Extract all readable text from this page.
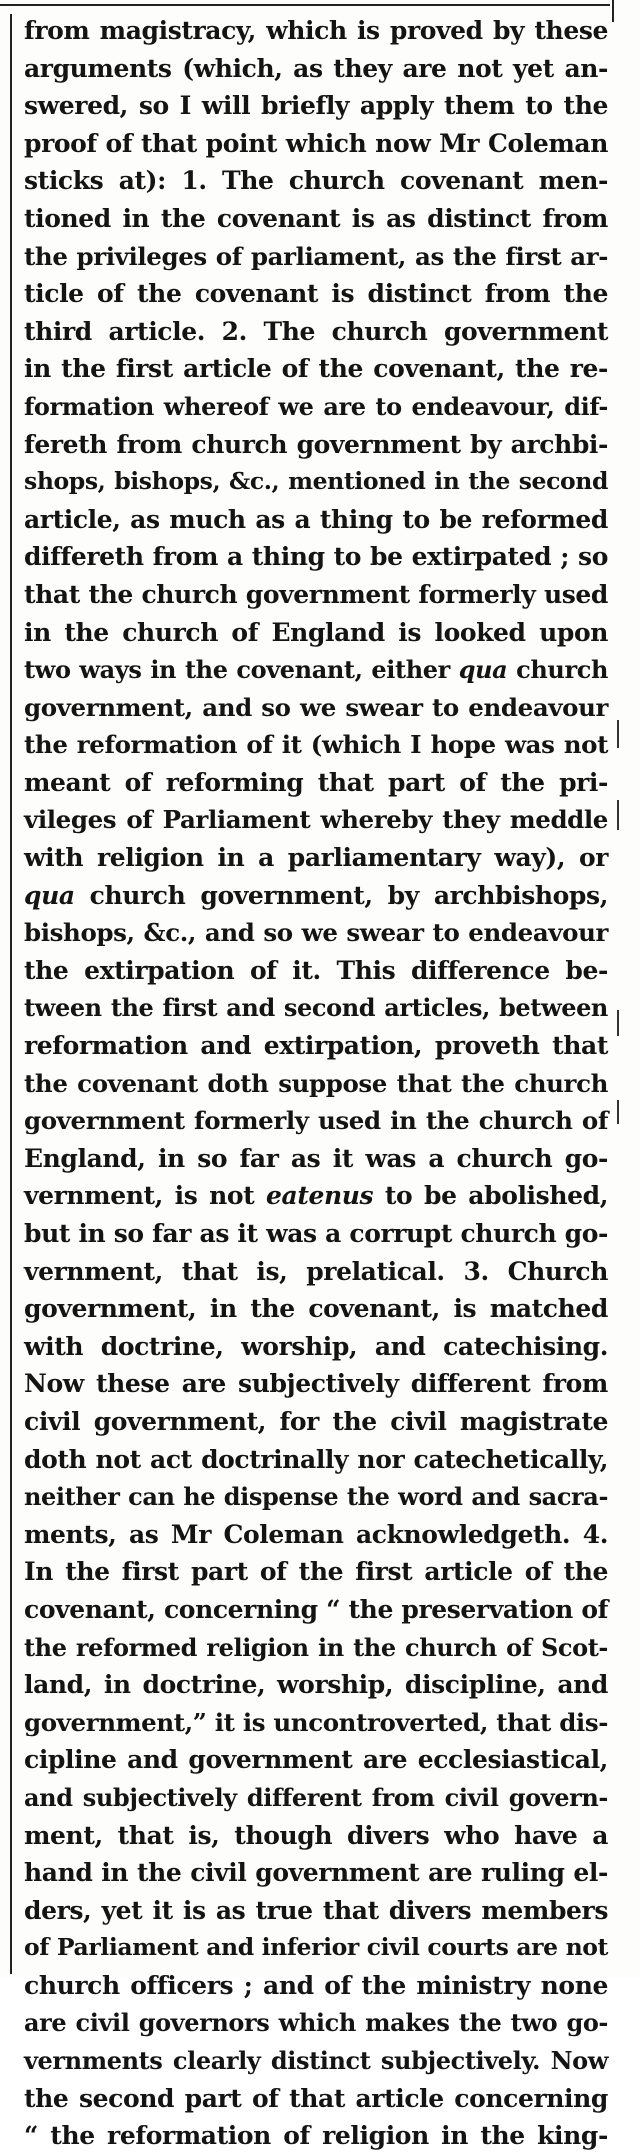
from magistracy, which is proved by these
arguments (which, as they are not yet an-
swered, so I will briefly apply them to the
proof of that point which now Mr Coleman
sticks at): 1. The church covenant men-
tioned in the covenant is as distinct from
the privileges of parliament, as the first ar-
ticle of the covenant is distinct from the
third article. 2. The church government
in the first article of the covenant, the re-
formation whereof we are to endeavour, dif-
fereth from church government by archbi-
shops, bishops, &c., mentioned in the second
article, as much as a thing to be reformed
differeth from a thing to be extirpated ; so
that the church government formerly used
in the church of England is looked upon
two ways in the covenant, either qua church
government, and so we swear to endeavour
the reformation of it (which I hope was not
meant of reforming that part of the pri-
vileges of Parliament whereby they meddle
with religion in a parliamentary way), or
qua church government, by archbishops,
bishops, &c., and so we swear to endeavour
the extirpation of it. This difference be-
tween the first and second articles, between
reformation and extirpation, proveth that
the covenant doth suppose that the church
government formerly used in the church of
England, in so far as it was a church go-
vernment, is not eatenus to be abolished,
but in so far as it was a corrupt church go-
vernment, that is, prelatical. 3. Church
government, in the covenant, is matched
with doctrine, worship, and catechising.
Now these are subjectively different from
civil government, for the civil magistrate
doth not act doctrinally nor catechetically,
neither can he dispense the word and sacra-
ments, as Mr Coleman acknowledgeth. 4.
In the first part of the first article of the
covenant, concerning “ the preservation of
the reformed religion in the church of Scot-
land, in doctrine, worship, discipline, and
government,” it is uncontroverted, that dis-
cipline and government are ecclesiastical,
and subjectively different from civil govern-
ment, that is, though divers who have a
hand in the civil government are ruling el-
ders, yet it is as true that divers members
of Parliament and inferior civil courts are not
church officers ; and of the ministry none
are civil governors which makes the two go-
vernments clearly distinct subjectively. Now
the second part of that article concerning
“ the reformation of religion in the king-
